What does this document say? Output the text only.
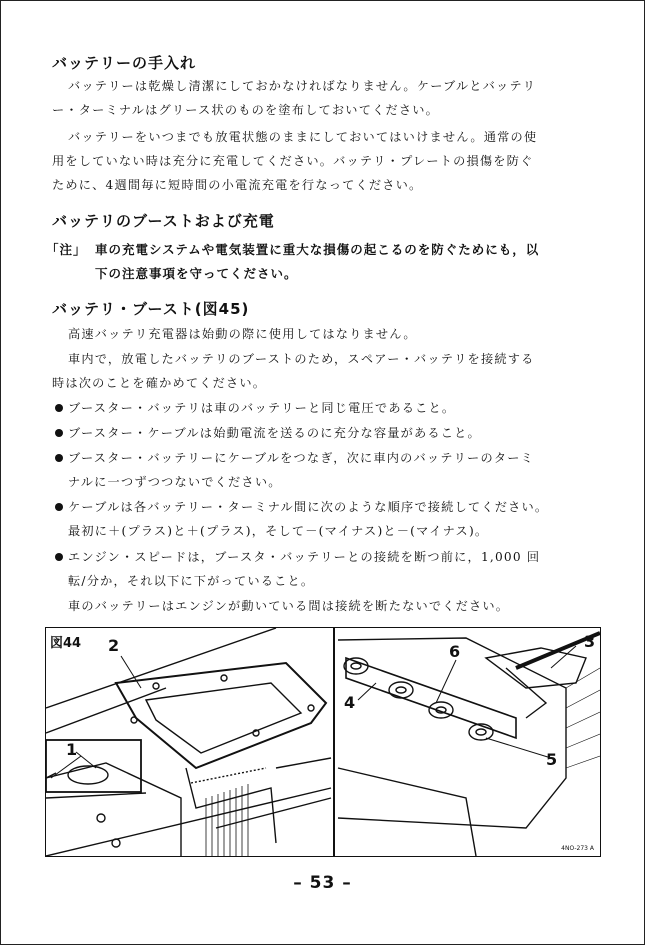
バッテリーの手入れ
バッテリーは乾燥し清潔にしておかなければなりません。ケーブルとバッテリ
ー・ターミナルはグリース状のものを塗布しておいてください。
バッテリーをいつまでも放電状態のままにしておいてはいけません。通常の使
用をしていない時は充分に充電してください。バッテリ・プレートの損傷を防ぐ
ために、4週間毎に短時間の小電流充電を行なってください。
バッテリのブーストおよび充電
「注」 車の充電システムや電気装置に重大な損傷の起こるのを防ぐためにも，以
下の注意事項を守ってください。
バッテリ・ブースト(図45)
高速バッテリ充電器は始動の際に使用してはなりません。
車内で，放電したバッテリのブーストのため，スペアー・バッテリを接続する
時は次のことを確かめてください。
ブースター・バッテリは車のバッテリーと同じ電圧であること。
ブースター・ケーブルは始動電流を送るのに充分な容量があること。
ブースター・バッテリーにケーブルをつなぎ，次に車内のバッテリーのターミ
ナルに一つずつつないでください。
ケーブルは各バッテリー・ターミナル間に次のような順序で接続してください。
最初に＋(プラス)と＋(プラス)，そして－(マイナス)と－(マイナス)。
エンジン・スピードは，ブースタ・バッテリーとの接続を断つ前に，1,000 回
転/分か，それ以下に下がっていること。
車のバッテリーはエンジンが動いている間は接続を断たないでください。
図44
1
2	3
4
5
6
4NO-273 A
– 53 –
